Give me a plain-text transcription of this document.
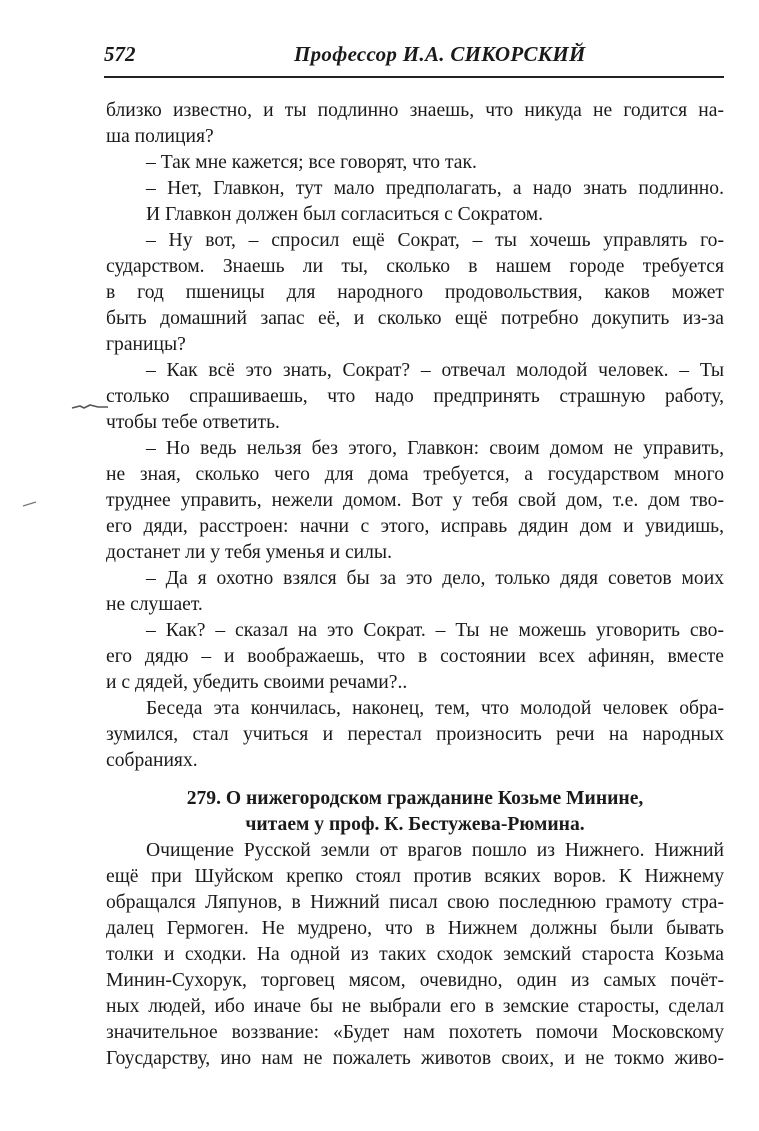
572	Профессор И.А. СИКОРСКИЙ
близко известно, и ты подлинно знаешь, что никуда не годится на-
ша полиция?
– Так мне кажется; все говорят, что так.
– Нет, Главкон, тут мало предполагать, а надо знать подлинно.
И Главкон должен был согласиться с Сократом.
– Ну вот, – спросил ещё Сократ, – ты хочешь управлять го-
сударством. Знаешь ли ты, сколько в нашем городе требуется
в год пшеницы для народного продовольствия, каков может
быть домашний запас её, и сколько ещё потребно докупить из-за
границы?
– Как всё это знать, Сократ? – отвечал молодой человек. – Ты
столько спрашиваешь, что надо предпринять страшную работу,
чтобы тебе ответить.
– Но ведь нельзя без этого, Главкон: своим домом не управить,
не зная, сколько чего для дома требуется, а государством много
труднее управить, нежели домом. Вот у тебя свой дом, т.е. дом тво-
его дяди, расстроен: начни с этого, исправь дядин дом и увидишь,
достанет ли у тебя уменья и силы.
– Да я охотно взялся бы за это дело, только дядя советов моих
не слушает.
– Как? – сказал на это Сократ. – Ты не можешь уговорить сво-
его дядю – и воображаешь, что в состоянии всех афинян, вместе
и с дядей, убедить своими речами?..
Беседа эта кончилась, наконец, тем, что молодой человек обра-
зумился, стал учиться и перестал произносить речи на народных
собраниях.
279. О нижегородском гражданине Козьме Минине,
читаем у проф. К. Бестужева-Рюмина.
Очищение Русской земли от врагов пошло из Нижнего. Нижний
ещё при Шуйском крепко стоял против всяких воров. К Нижнему
обращался Ляпунов, в Нижний писал свою последнюю грамоту стра-
далец Гермоген. Не мудрено, что в Нижнем должны были бывать
толки и сходки. На одной из таких сходок земский староста Козьма
Минин-Сухорук, торговец мясом, очевидно, один из самых почёт-
ных людей, ибо иначе бы не выбрали его в земские старосты, сделал
значительное воззвание: «Будет нам похотеть помочи Московскому
Гоусдарству, ино нам не пожалеть животов своих, и не токмо живо-
